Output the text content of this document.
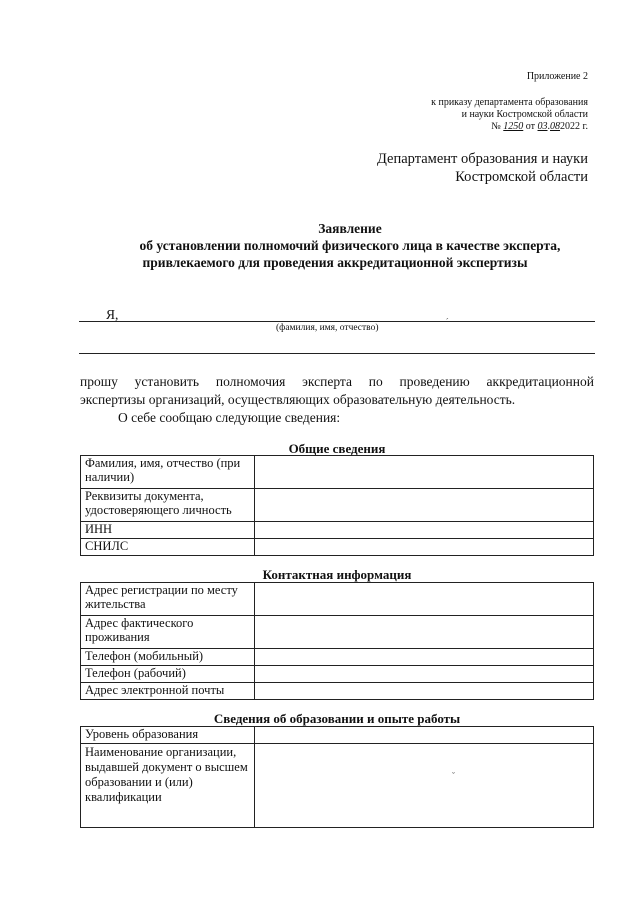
Приложение 2
к приказу департамента образования
и науки Костромской области
№ 1250 от 03.082022 г.
Департамент образования и науки
Костромской области
Заявление
об установлении полномочий физического лица в качестве эксперта,
привлекаемого для проведения аккредитационной экспертизы
Я,
(фамилия, имя, отчество)
´
прошу установить полномочия эксперта по проведению аккредитационной
экспертизы организаций, осуществляющих образовательную деятельность.
О себе сообщаю следующие сведения:
Общие сведения
Фамилия, имя, отчество (при наличии)	
Реквизиты документа, удостоверяющего личность	
ИНН	
СНИЛС	
Контактная информация
Адрес регистрации по месту жительства	
Адрес фактического проживания	
Телефон (мобильный)	
Телефон (рабочий)	
Адрес электронной почты	
Сведения об образовании и опыте работы
Уровень образования	
Наименование организации, выдавшей документ о высшем образовании и (или) квалификации	
ˇ
